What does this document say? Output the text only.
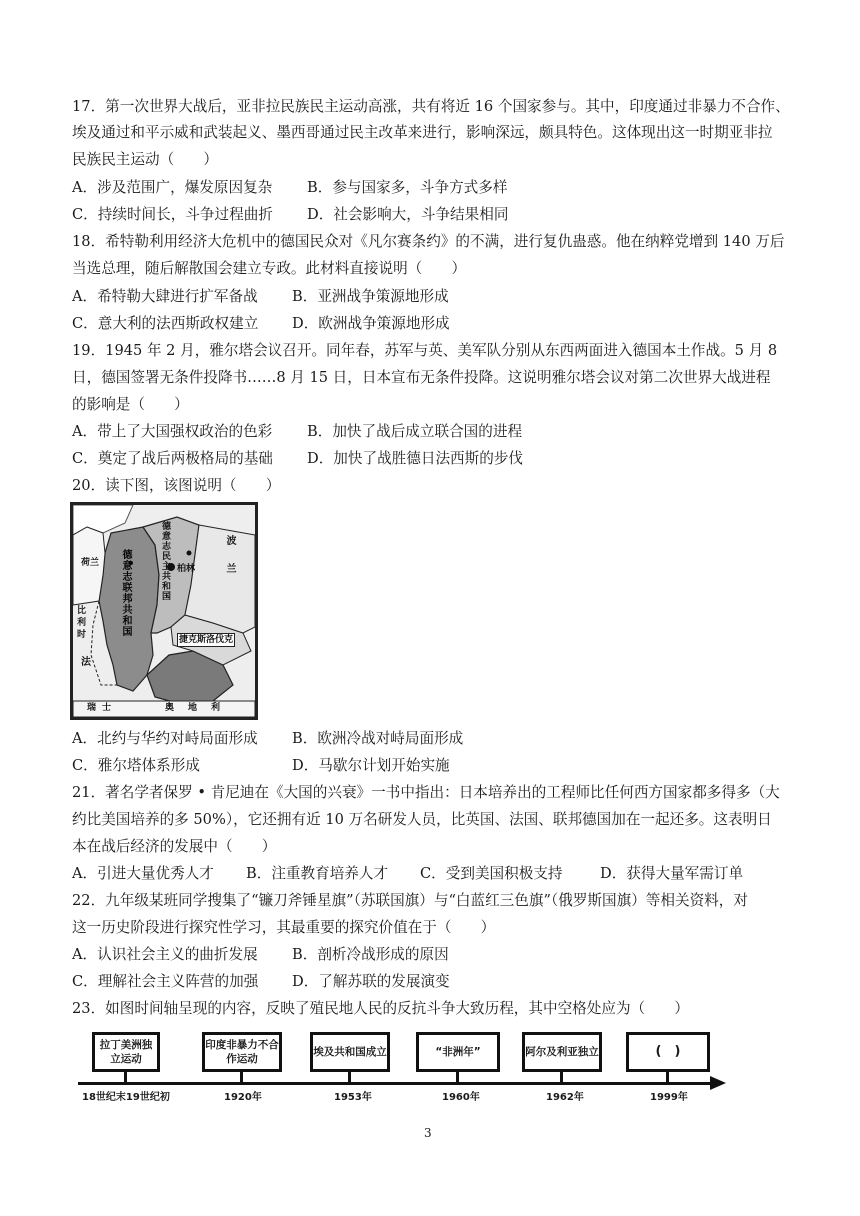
17．第一次世界大战后，亚非拉民族民主运动高涨，共有将近 16 个国家参与。其中，印度通过非暴力不合作、
埃及通过和平示威和武装起义、墨西哥通过民主改革来进行，影响深远，颇具特色。这体现出这一时期亚非拉
民族民主运动（　　）
A．涉及范围广，爆发原因复杂 B．参与国家多，斗争方式多样
C．持续时间长，斗争过程曲折 D．社会影响大，斗争结果相同
18．希特勒利用经济大危机中的德国民众对《凡尔赛条约》的不满，进行复仇蛊惑。他在纳粹党增到 140 万后
当选总理，随后解散国会建立专政。此材料直接说明（　　）
A．希特勒大肆进行扩军备战 B．亚洲战争策源地形成
C．意大利的法西斯政权建立 D．欧洲战争策源地形成
19．1945 年 2 月，雅尔塔会议召开。同年春，苏军与英、美军队分别从东西两面进入德国本土作战。5 月 8
日，德国签署无条件投降书……8 月 15 日，日本宣布无条件投降。这说明雅尔塔会议对第二次世界大战进程
的影响是（　　）
A．带上了大国强权政治的色彩 B．加快了战后成立联合国的进程
C．奠定了战后两极格局的基础 D．加快了战胜德日法西斯的步伐
20．读下图，该图说明（　　）
德意志民主共和国
德意志联邦共和国	柏林	波兰
荷兰
比利时
法
捷克斯洛伐克
瑞士	奥地利
A．北约与华约对峙局面形成 B．欧洲冷战对峙局面形成
C．雅尔塔体系形成	D．马歇尔计划开始实施
21．著名学者保罗 • 肯尼迪在《大国的兴衰》一书中指出：日本培养出的工程师比任何西方国家都多得多（大
约比美国培养的多 50%），它还拥有近 10 万名研发人员，比英国、法国、联邦德国加在一起还多。这表明日
本在战后经济的发展中（　　）
A．引进大量优秀人才 B．注重教育培养人才 C．受到美国积极支持	D．获得大量军需订单
22．九年级某班同学搜集了“镰刀斧锤星旗”（苏联国旗）与“白蓝红三色旗”（俄罗斯国旗）等相关资料，对
这一历史阶段进行探究性学习，其最重要的探究价值在于（　　）
A．认识社会主义的曲折发展 B．剖析冷战形成的原因
C．理解社会主义阵营的加强 D．了解苏联的发展演变
23．如图时间轴呈现的内容，反映了殖民地人民的反抗斗争大致历程，其中空格处应为（　　）
拉丁美洲独立运动
18世纪末19世纪初
印度非暴力不合作运动
1920年
埃及共和国成立
1953年
“非洲年”
1960年
阿尔及利亚独立
1962年
(　)
1999年
3
